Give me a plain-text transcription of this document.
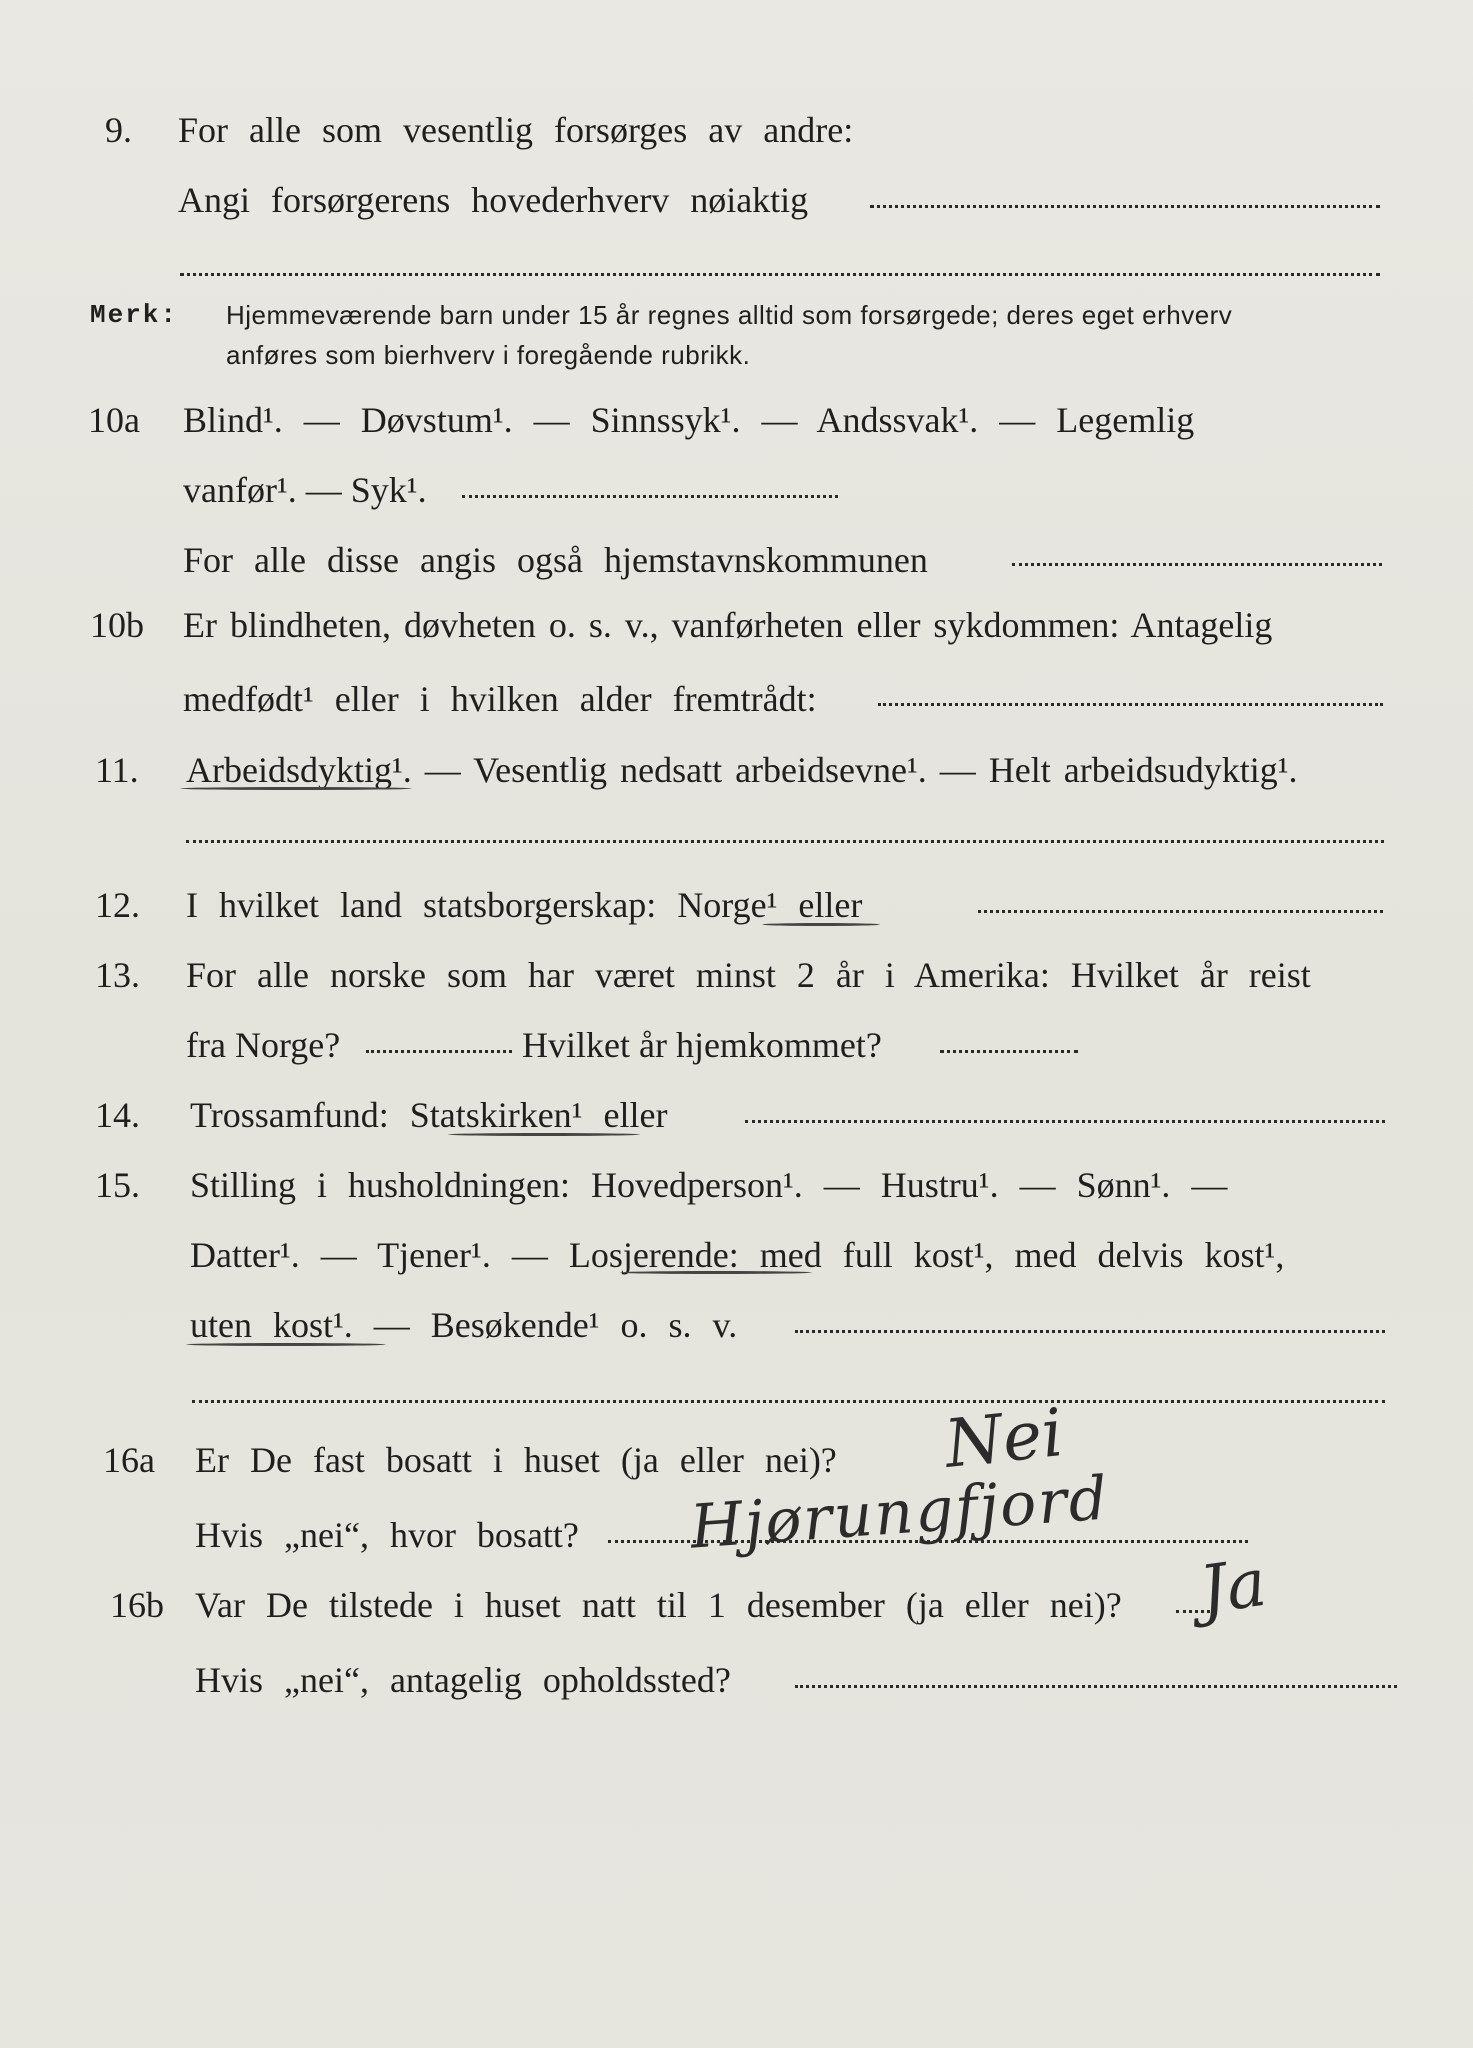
9. For alle som vesentlig forsørges av andre:
Angi forsørgerens hovederhverv nøiaktig
Merk: Hjemmeværende barn under 15 år regnes alltid som forsørgede; deres eget erhverv
anføres som bierhverv i foregående rubrikk.
10a Blind¹. — Døvstum¹. — Sinnssyk¹. — Andssvak¹. — Legemlig
vanfør¹. — Syk¹.
For alle disse angis også hjemstavnskommunen
10b Er blindheten, døvheten o. s. v., vanførheten eller sykdommen: Antagelig
medfødt¹ eller i hvilken alder fremtrådt:
11. Arbeidsdyktig¹. — Vesentlig nedsatt arbeidsevne¹. — Helt arbeidsudyktig¹.
12. I hvilket land statsborgerskap: Norge¹ eller
13. For alle norske som har været minst 2 år i Amerika: Hvilket år reist
fra Norge?	Hvilket år hjemkommet?
14. Trossamfund: Statskirken¹ eller
15. Stilling i husholdningen: Hovedperson¹. — Hustru¹. — Sønn¹. —
Datter¹. — Tjener¹. — Losjerende: med full kost¹, med delvis kost¹,
uten kost¹. — Besøkende¹ o. s. v.
16a Er De fast bosatt i huset (ja eller nei)? Nei
Hvis „nei“, hvor bosatt? Hjørungfjord
16b Var De tilstede i huset natt til 1 desember (ja eller nei)? Ja
Hvis „nei“, antagelig opholdssted?
